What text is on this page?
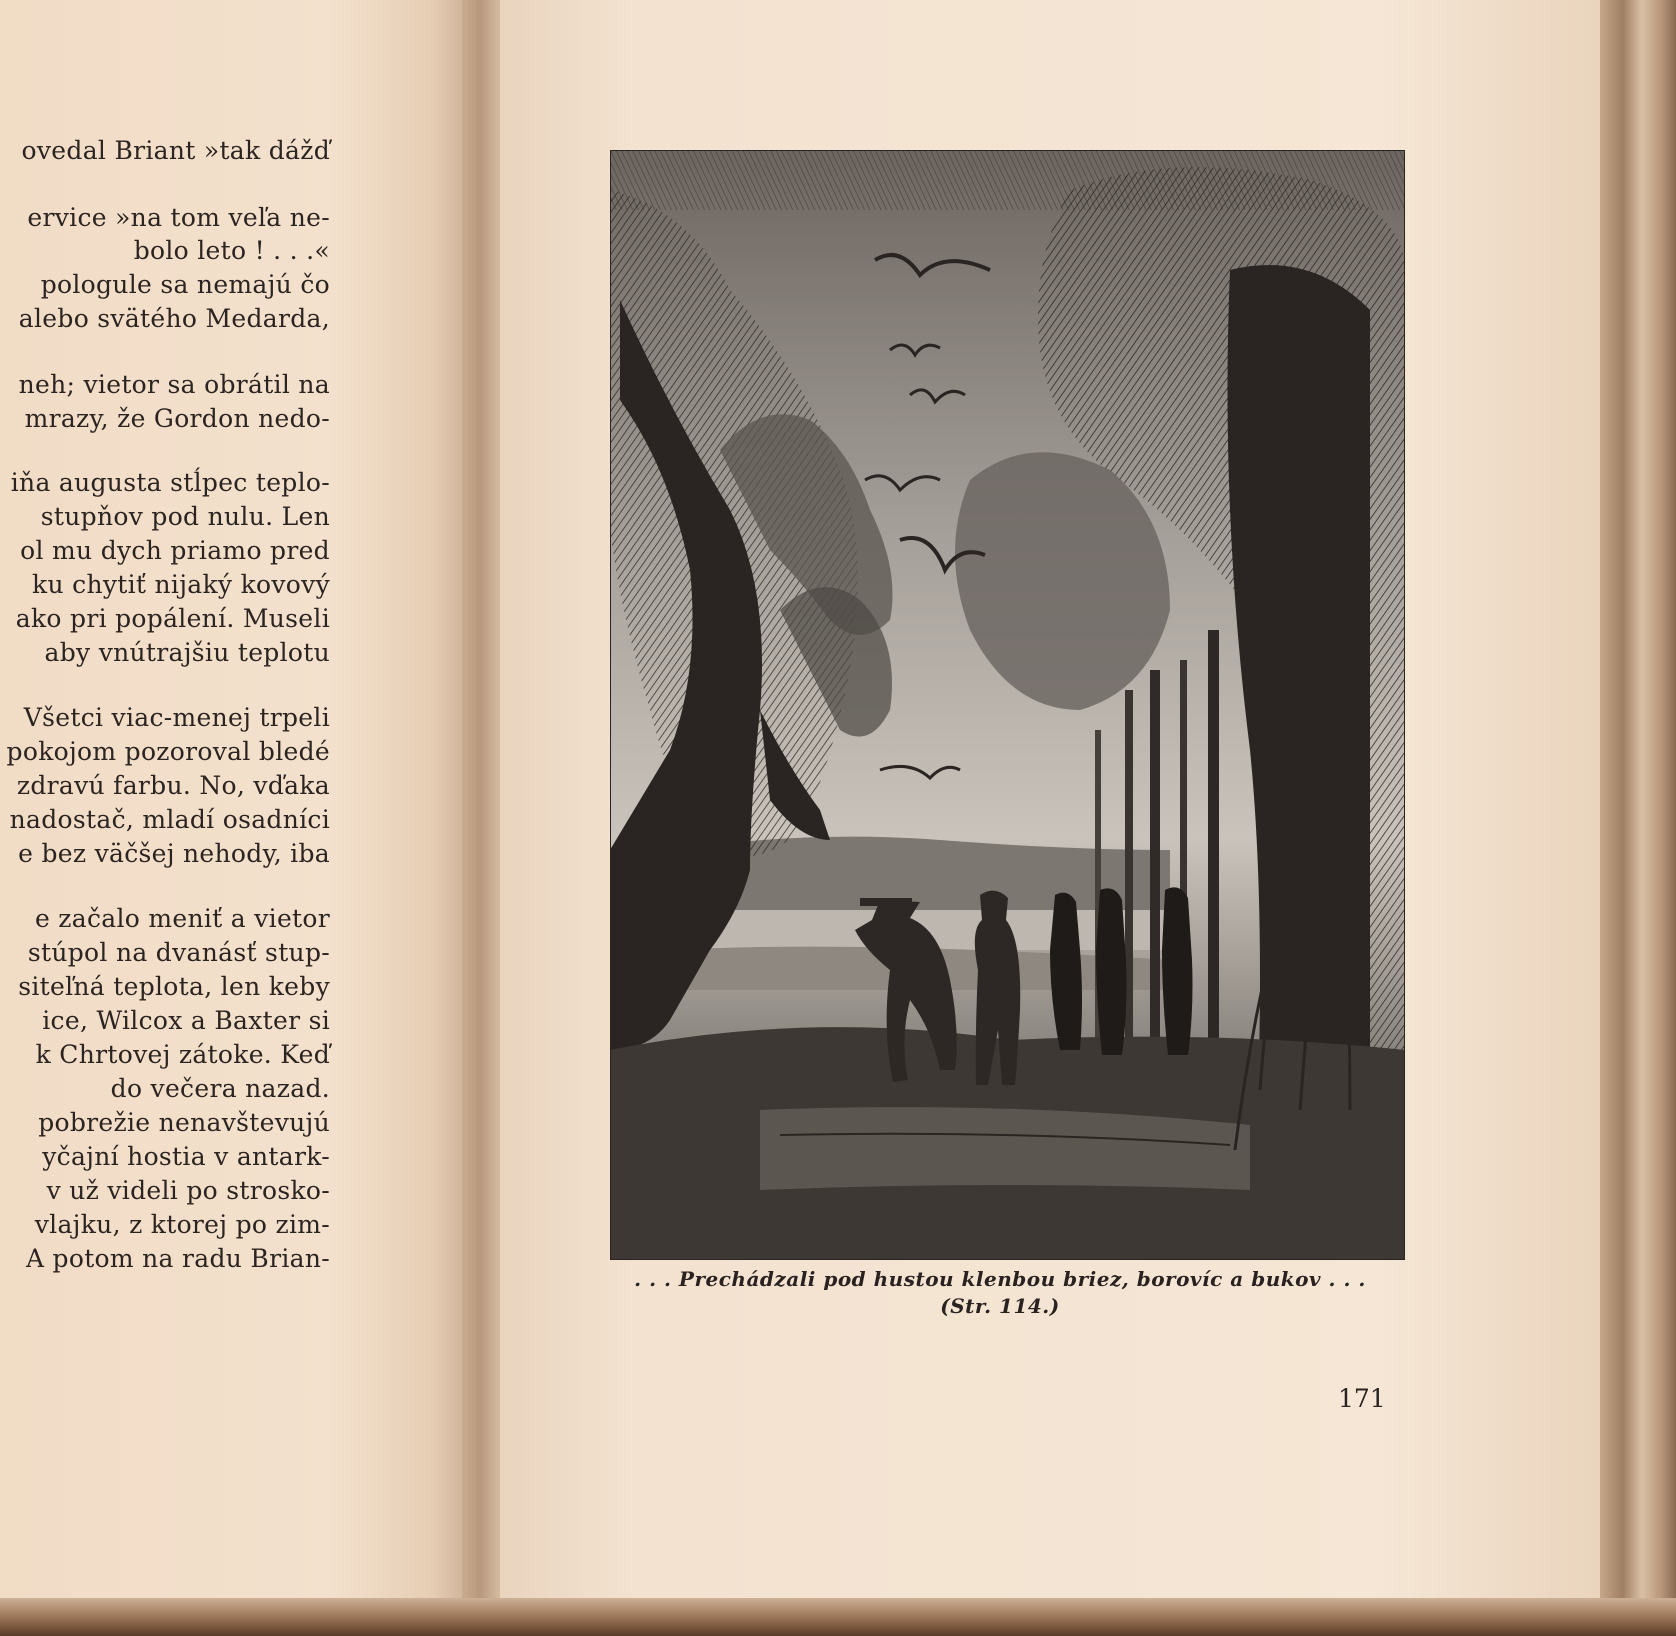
ovedal Briant »tak dážď
ervice »na tom veľa ne-
bolo leto ! . . .«
pologule sa nemajú čo
alebo svätého Medarda,
neh; vietor sa obrátil na
mrazy, že Gordon nedo-
iňa augusta stĺpec teplo-
stupňov pod nulu. Len
ol mu dych priamo pred
ku chytiť nijaký kovový
ako pri popálení. Museli
aby vnútrajšiu teplotu
Všetci viac-menej trpeli
pokojom pozoroval bledé
zdravú farbu. No, vďaka
nadostač, mladí osadníci
e bez väčšej nehody, iba
e začalo meniť a vietor
stúpol na dvanásť stup-
siteľná teplota, len keby
ice, Wilcox a Baxter si
k Chrtovej zátoke. Keď
do večera nazad.
pobrežie nenavštevujú
yčajní hostia v antark-
v už videli po strosko-
vlajku, z ktorej po zim-
A potom na radu Brian-
. . . Prechádzali pod hustou klenbou briez, borovíc a bukov . . .
(Str. 114.)
171
